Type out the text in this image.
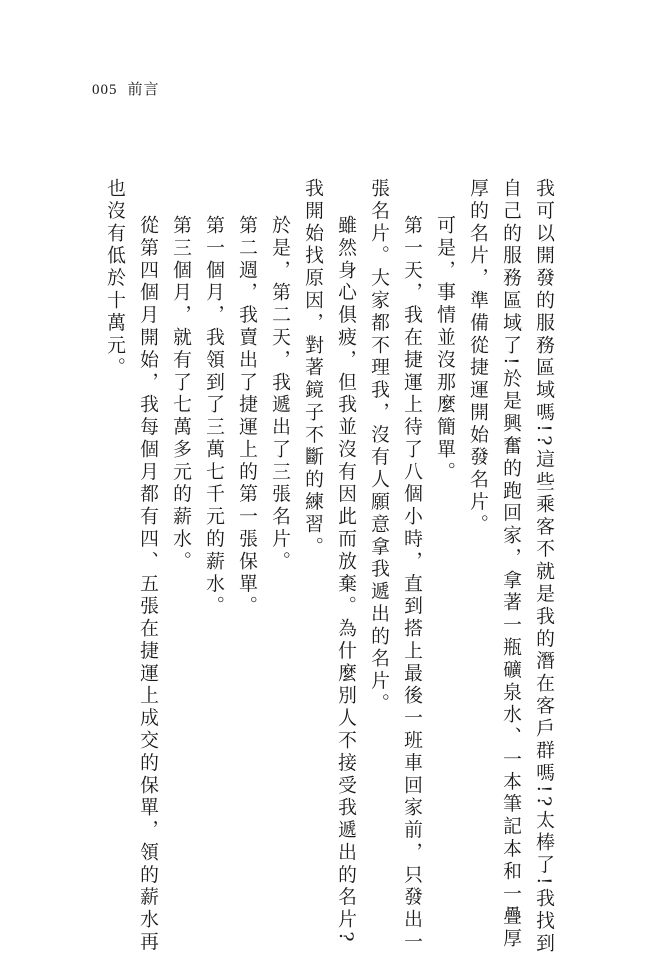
005 前言
我可以開發的服務區域嗎!?這些乘客不就是我的潛在客戶群嗎!?太棒了!我找到
自己的服務區域了!於是興奮的跑回家，拿著一瓶礦泉水、一本筆記本和一疊厚
厚的名片，準備從捷運開始發名片。
可是，事情並沒那麼簡單。
第一天，我在捷運上待了八個小時，直到搭上最後一班車回家前，只發出一
張名片。大家都不理我，沒有人願意拿我遞出的名片。
雖然身心俱疲，但我並沒有因此而放棄。為什麼別人不接受我遞出的名片?
我開始找原因，對著鏡子不斷的練習。
於是，第二天，我遞出了三張名片。
第二週，我賣出了捷運上的第一張保單。
第一個月，我領到了三萬七千元的薪水。
第三個月，就有了七萬多元的薪水。
從第四個月開始，我每個月都有四、五張在捷運上成交的保單，領的薪水再
也沒有低於十萬元。
